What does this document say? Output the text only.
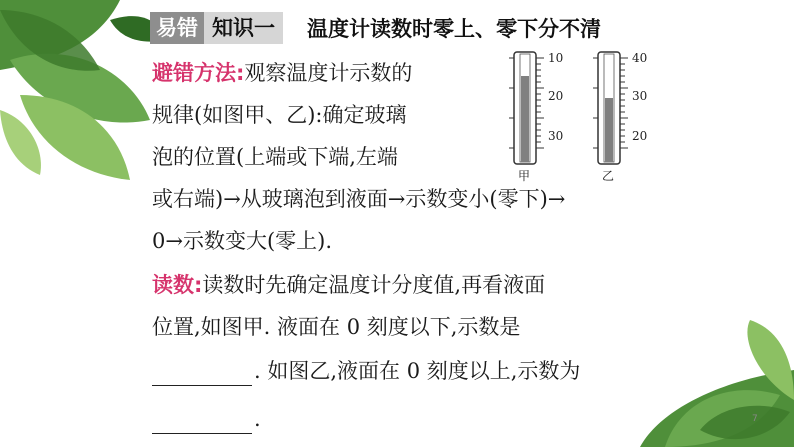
易错 知识一	温度计读数时零上、零下分不清
避错方法:观察温度计示数的
规律(如图甲、乙):确定玻璃
泡的位置(上端或下端,左端
或右端)→从玻璃泡到液面→示数变小(零下)→
0→示数变大(零上).
读数:读数时先确定温度计分度值,再看液面
位置,如图甲. 液面在 0 刻度以下,示数是
. 如图乙,液面在 0 刻度以上,示数为
.
10
20
30
甲
40
30
20
乙
7
